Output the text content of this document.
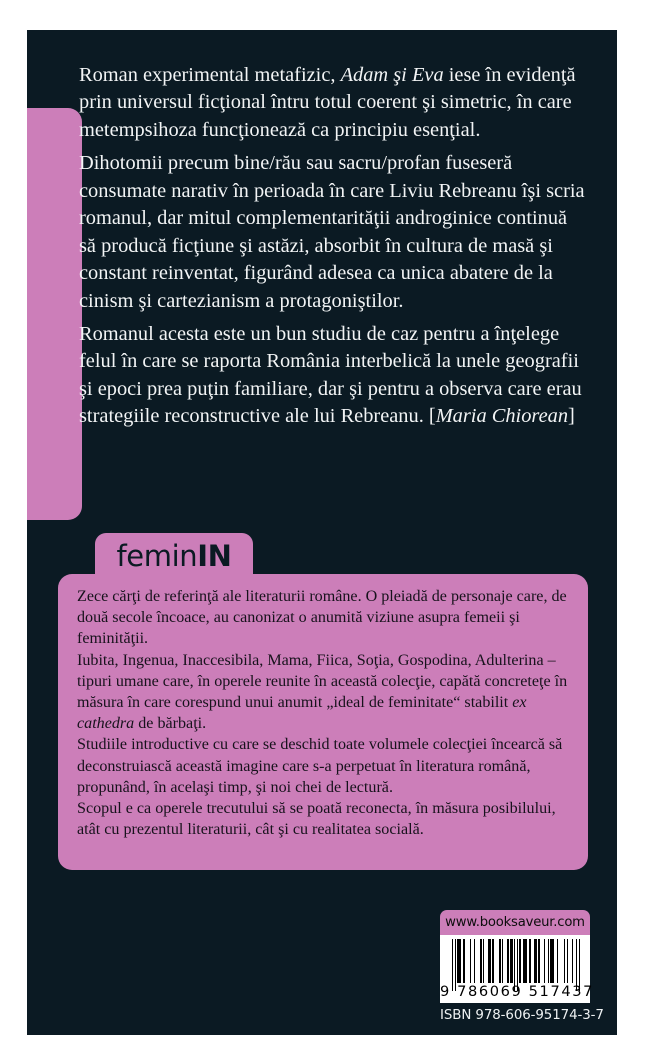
Roman experimental metafizic, Adam şi Eva iese în evidenţă prin universul ficţional întru totul coerent şi simetric, în care metempsihoza funcţionează ca principiu esenţial.

Dihotomii precum bine/rău sau sacru/profan fuseseră consumate narativ în perioada în care Liviu Rebreanu îşi scria romanul, dar mitul complementarităţii androginice continuă să producă ficţiune şi astăzi, absorbit în cultura de masă şi constant reinventat, figurând adesea ca unica abatere de la cinism şi cartezianism a protagoniştilor.

Romanul acesta este un bun studiu de caz pentru a înţelege felul în care se raporta România interbelică la unele geografii şi epoci prea puţin familiare, dar şi pentru a observa care erau strategiile reconstructive ale lui Rebreanu. [Maria Chiorean]

feminIN

Zece cărţi de referinţă ale literaturii române. O pleiadă de personaje care, de două secole încoace, au canonizat o anumită viziune asupra femeii şi feminităţii.

Iubita, Ingenua, Inaccesibila, Mama, Fiica, Soţia, Gospodina, Adulterina – tipuri umane care, în operele reunite în această colecţie, capătă concreteţe în măsura în care corespund unui anumit „ideal de feminitate“ stabilit ex cathedra de bărbaţi.

Studiile introductive cu care se deschid toate volumele colecţiei încearcă să deconstruiască această imagine care s-a perpetuat în literatura română, propunând, în acelaşi timp, şi noi chei de lectură.

Scopul e ca operele trecutului să se poată reconecta, în măsura posibilului, atât cu prezentul literaturii, cât şi cu realitatea socială.

www.booksaveur.com
9 786069 517437
ISBN 978-606-95174-3-7
